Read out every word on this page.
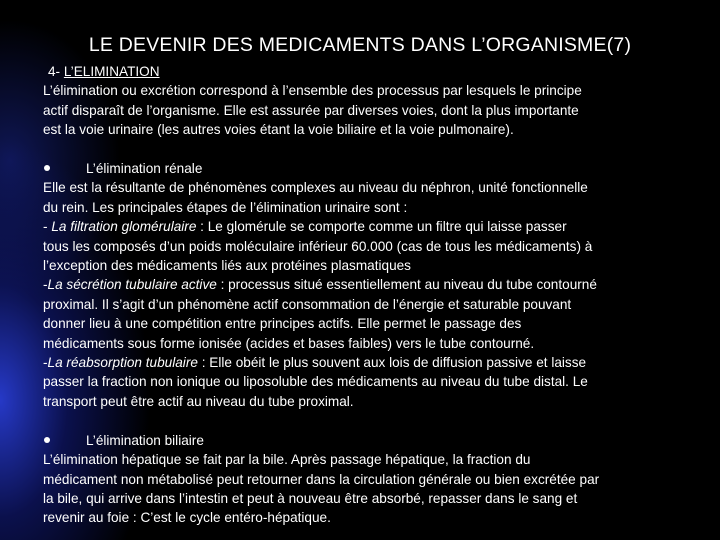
LE DEVENIR DES MEDICAMENTS DANS L’ORGANISME(7)
4- L’ELIMINATION
L’élimination ou excrétion correspond à l’ensemble des processus par lesquels le principe
actif disparaît de l’organisme. Elle est assurée par diverses voies, dont la plus importante
est la voie urinaire (les autres voies étant la voie biliaire et la voie pulmonaire).
L’élimination rénale
Elle est la résultante de phénomènes complexes au niveau du néphron, unité fonctionnelle
du rein. Les principales étapes de l’élimination urinaire sont :
- La filtration glomérulaire : Le glomérule se comporte comme un filtre qui laisse passer
tous les composés d’un poids moléculaire inférieur 60.000 (cas de tous les médicaments) à
l’exception des médicaments liés aux protéines plasmatiques
-La sécrétion tubulaire active : processus situé essentiellement au niveau du tube contourné
proximal. Il s’agit d’un phénomène actif consommation de l’énergie et saturable pouvant
donner lieu à une compétition entre principes actifs. Elle permet le passage des
médicaments sous forme ionisée (acides et bases faibles) vers le tube contourné.
-La réabsorption tubulaire : Elle obéit le plus souvent aux lois de diffusion passive et laisse
passer la fraction non ionique ou liposoluble des médicaments au niveau du tube distal. Le
transport peut être actif au niveau du tube proximal.
L’élimination biliaire
L’élimination hépatique se fait par la bile. Après passage hépatique, la fraction du
médicament non métabolisé peut retourner dans la circulation générale ou bien excrétée par
la bile, qui arrive dans l’intestin et peut à nouveau être absorbé, repasser dans le sang et
revenir au foie : C’est le cycle entéro-hépatique.
